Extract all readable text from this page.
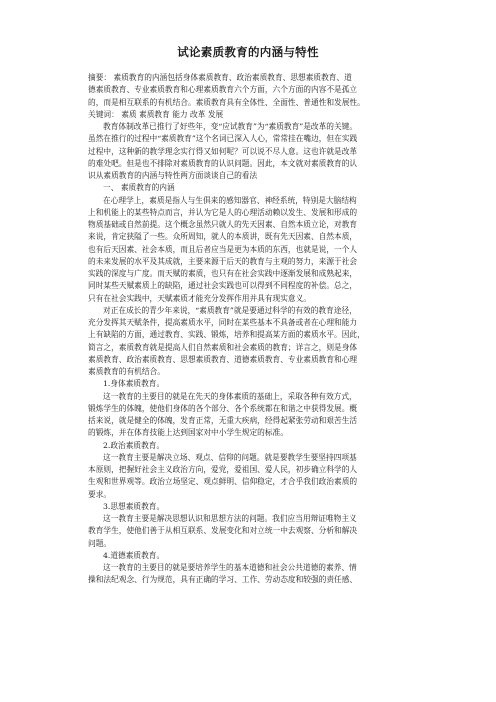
试论素质教育的内涵与特性
摘要： 素质教育的内涵包括身体素质教育、政治素质教育、思想素质教育、道
德素质教育、专业素质教育和心理素质教育六个方面，六个方面的内容不是孤立
的，而是相互联系的有机结合。素质教育具有全体性、全面性、普通性和发展性。
关键词： 素质 素质教育 能力 改革 发展
教育体制改革已推行了好些年，变“应试教育”为“素质教育”是改革的关键。
虽然在推行的过程中“素质教育”这个名词已深入人心，常常挂在嘴边，但在实践
过程中，这种新的教学理念实行得又如何呢？可以说不尽人意。这也许就是改革
的难处吧。但是也不排除对素质教育的认识问题。因此，本文就对素质教育的认
识从素质教育的内涵与特性两方面谈谈自己的看法
一、 素质教育的内涵
在心理学上，素质是指人与生俱来的感知器官、神经系统，特别是大脑结构
上和机能上的某些特点而言，并认为它是人的心理活动赖以发生、发展和形成的
物质基础或自然前提。这个概念虽然只就人的先天因素、自然本质立论，对教育
来说，肯定狭隘了一些。众所周知，就人的本质讲，既有先天因素、自然本质，
也有后天因素、社会本质，而且后者应当是更为本质的东西，也就是说，一个人
的未来发展的水平及其成就，主要来源于后天的教育与主观的努力，来源于社会
实践的深度与广度。而天赋的素质，也只有在社会实践中逐渐发展和成熟起来，
同时某些天赋素质上的缺陷，通过社会实践也可以得到不同程度的补偿。总之，
只有在社会实践中，天赋素质才能充分发挥作用并具有现实意义。
对正在成长的青少年来说，“素质教育”就是要通过科学的有效的教育途径，
充分发挥其天赋条件，提高素质水平，同时在某些基本不具备或者在心理和能力
上有缺陷的方面，通过教育、实践、锻炼，培养和提高某方面的素质水平。因此，
简言之，素质教育就是提高人们自然素质和社会素质的教育；详言之，则是身体
素质教育、政治素质教育、思想素质教育、道德素质教育、专业素质教育和心理
素质教育的有机结合。
1.身体素质教育。
这一教育的主要目的就是在先天的身体素质的基础上，采取各种有效方式，
锻炼学生的体魄，使他们身体的各个部分、各个系统都在和谐之中获得发展。概
括来说，就是健全的体魄，发育正常，无重大疾病，经得起紧张劳动和艰苦生活
的锻炼，并在体育技能上达到国家对中小学生规定的标准。
2.政治素质教育。
这一教育主要是解决立场、观点、信仰的问题。就是要教学生要坚持四项基
本原则，把握好社会主义政治方向，爱党，爱祖国、爱人民，初步确立科学的人
生观和世界观等。政治立场坚定、观点鲜明、信仰稳定，才合乎我们政治素质的
要求。
3.思想素质教育。
这一教育主要是解决思想认识和思想方法的问题。我们应当用辩证唯物主义
教育学生，使他们善于从相互联系、发展变化和对立统一中去观察、分析和解决
问题。
4.道德素质教育。
这一教育的主要目的就是要培养学生的基本道德和社会公共道德的素养、情
操和法纪观念、行为规范，具有正确的学习、工作、劳动态度和较强的责任感、
